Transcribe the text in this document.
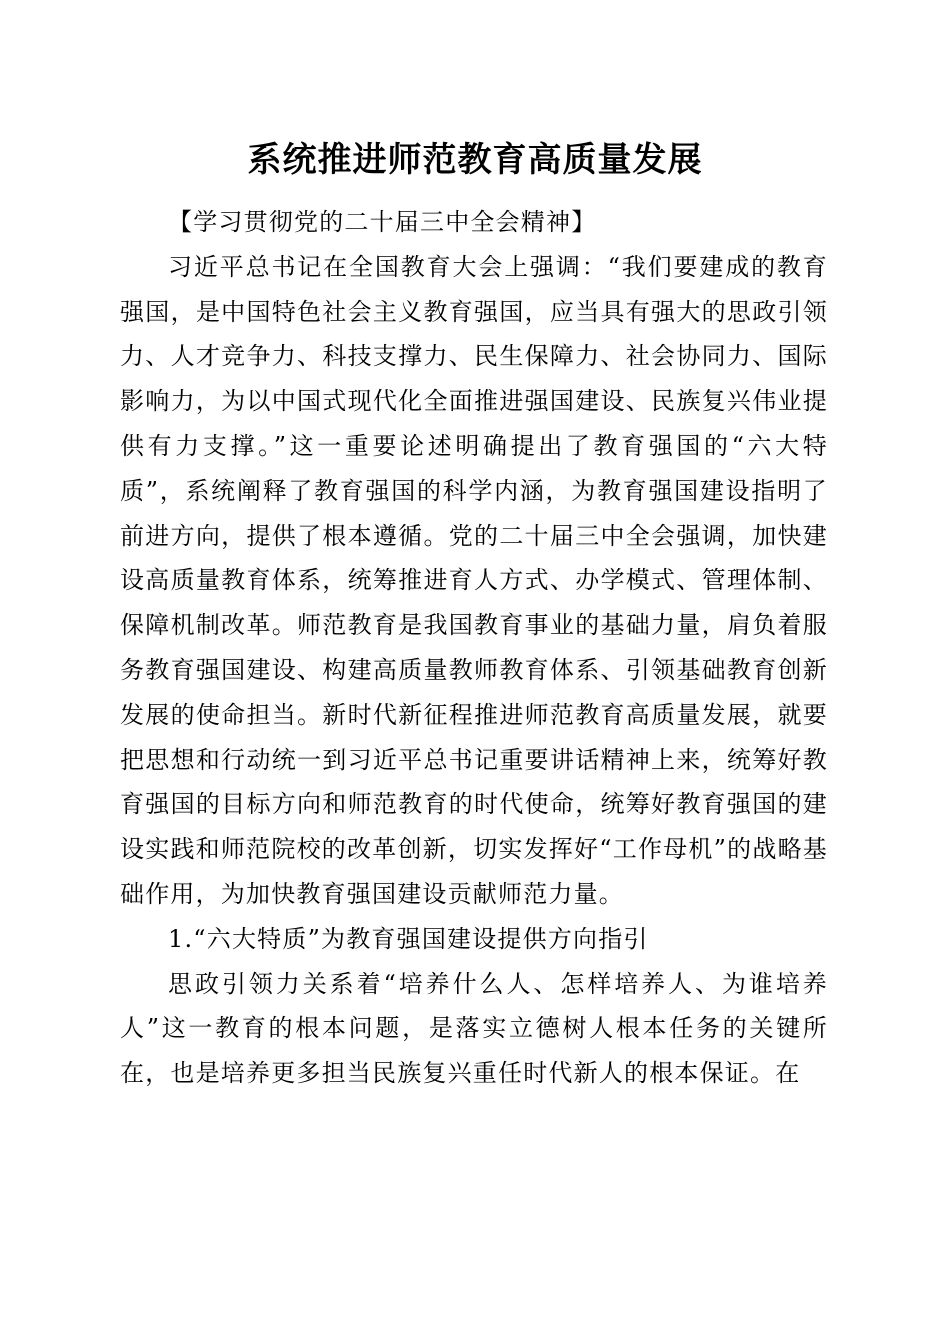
系统推进师范教育高质量发展

【学习贯彻党的二十届三中全会精神】

习近平总书记在全国教育大会上强调：“我们要建成的教育强国，是中国特色社会主义教育强国，应当具有强大的思政引领力、人才竞争力、科技支撑力、民生保障力、社会协同力、国际影响力，为以中国式现代化全面推进强国建设、民族复兴伟业提供有力支撑。”这一重要论述明确提出了教育强国的“六大特质”，系统阐释了教育强国的科学内涵，为教育强国建设指明了前进方向，提供了根本遵循。党的二十届三中全会强调，加快建设高质量教育体系，统筹推进育人方式、办学模式、管理体制、保障机制改革。师范教育是我国教育事业的基础力量，肩负着服务教育强国建设、构建高质量教师教育体系、引领基础教育创新发展的使命担当。新时代新征程推进师范教育高质量发展，就要把思想和行动统一到习近平总书记重要讲话精神上来，统筹好教育强国的目标方向和师范教育的时代使命，统筹好教育强国的建设实践和师范院校的改革创新，切实发挥好“工作母机”的战略基础作用，为加快教育强国建设贡献师范力量。

1.“六大特质”为教育强国建设提供方向指引

思政引领力关系着“培养什么人、怎样培养人、为谁培养人”这一教育的根本问题，是落实立德树人根本任务的关键所在，也是培养更多担当民族复兴重任时代新人的根本保证。在
